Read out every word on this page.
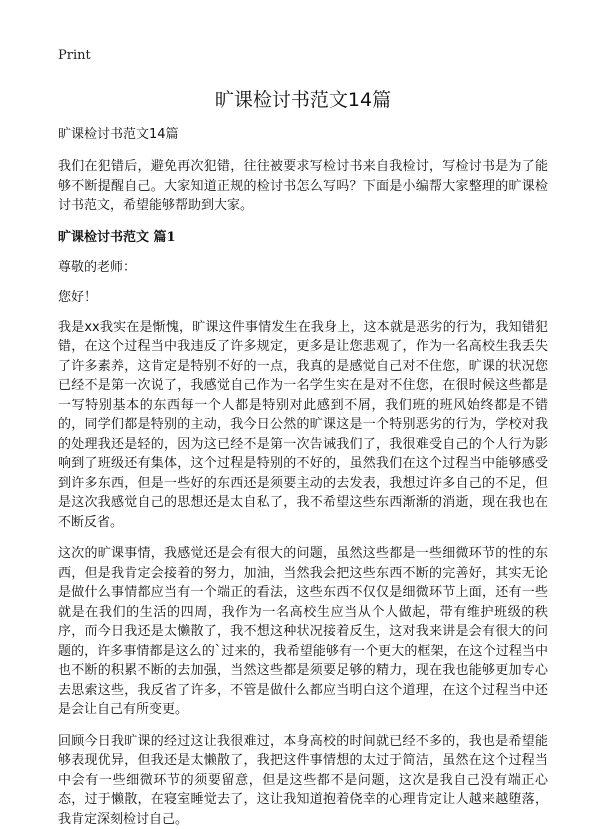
Print
旷课检讨书范文14篇

旷课检讨书范文14篇

我们在犯错后，避免再次犯错，往往被要求写检讨书来自我检讨，写检讨书是为了能够不断提醒自己。大家知道正规的检讨书怎么写吗？下面是小编帮大家整理的旷课检讨书范文，希望能够帮助到大家。

旷课检讨书范文 篇1

尊敬的老师：

您好！

我是xx我实在是惭愧，旷课这件事情发生在我身上，这本就是恶劣的行为，我知错犯错，在这个过程当中我违反了许多规定，更多是让您悲观了，作为一名高校生我丢失了许多素养，这肯定是特别不好的一点，我真的是感觉自己对不住您，旷课的状况您已经不是第一次说了，我感觉自己作为一名学生实在是对不住您，在很时候这些都是一写特别基本的东西每一个人都是特别对此感到不屑，我们班的班风始终都是不错的，同学们都是特别的主动，我今日公然的旷课这是一个特别恶劣的行为，学校对我的处理我还是轻的，因为这已经不是第一次告诫我们了，我很难受自己的个人行为影响到了班级还有集体，这个过程是特别的不好的，虽然我们在这个过程当中能够感受到许多东西，但是一些好的东西还是须要主动的去发表，我想过许多自己的不足，但是这次我感觉自己的思想还是太自私了，我不希望这些东西渐渐的消逝，现在我也在不断反省。

这次的旷课事情，我感觉还是会有很大的问题，虽然这些都是一些细微环节的性的东西，但是我肯定会接着的努力，加油，当然我会把这些东西不断的完善好，其实无论是做什么事情都应当有一个端正的看法，这些东西不仅仅是细微环节上面，还有一些就是在我们的生活的四周，我作为一名高校生应当从个人做起，带有维护班级的秩序，而今日我还是太懒散了，我不想这种状况接着反生，这对我来讲是会有很大的问题的，许多事情都是这么的`过来的，我希望能够有一个更大的框架，在这个过程当中也不断的积累不断的去加强，当然这些都是须要足够的精力，现在我也能够更加专心去思索这些，我反省了许多，不管是做什么都应当明白这个道理，在这个过程当中还是会让自己有所变更。

回顾今日我旷课的经过这让我很难过，本身高校的时间就已经不多的，我也是希望能够表现优异，但我还是太懒散了，我把这件事情想的太过于简洁，虽然在这个过程当中会有一些细微环节的须要留意，但是这些都不是问题，这次是我自己没有端正心态，过于懒散，在寝室睡觉去了，这让我知道抱着侥幸的心理肯定让人越来越堕落，我肯定深刻检讨自己。
